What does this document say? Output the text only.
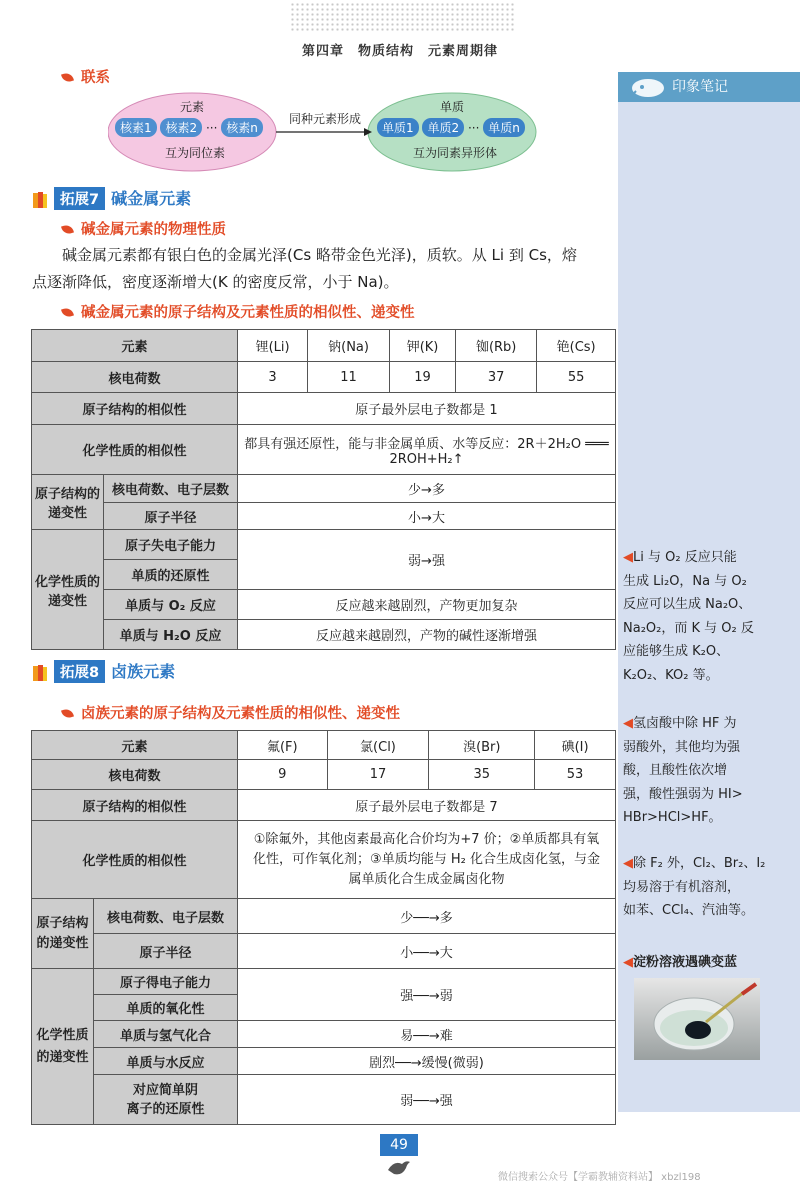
第四章　物质结构　元素周期律
印象笔记
联系
元素
核素1 核素2 ··· 核素n
互为同位素
同种元素形成
单质
单质1 单质2 ··· 单质n
互为同素异形体
拓展7 碱金属元素
碱金属元素的物理性质
碱金属元素都有银白色的金属光泽(Cs 略带金色光泽)，质软。从 Li 到 Cs，熔
点逐渐降低，密度逐渐增大(K 的密度反常，小于 Na)。
碱金属元素的原子结构及元素性质的相似性、递变性
元素		锂(Li)	钠(Na)	钾(K)	铷(Rb)	铯(Cs)
核电荷数		3	11	19	37	55
原子结构的相似性		原子最外层电子数都是 1				
化学性质的相似性		都具有强还原性，能与非金属单质、水等反应：2R＋2H₂O ═══
2ROH+H₂↑				

原子结构的递变性	核电荷数、电子层数	少→多				
	原子半径	小→大				
化学性质的递变性	原子失电子能力	弱→强				
	单质的还原性					
	单质与 O₂ 反应	反应越来越剧烈，产物更加复杂				
	单质与 H₂O 反应	反应越来越剧烈，产物的碱性逐渐增强				
拓展8 卤族元素
卤族元素的原子结构及元素性质的相似性、递变性
元素		氟(F)	氯(Cl)	溴(Br)	碘(I)
核电荷数		9	17	35	53
原子结构的相似性		原子最外层电子数都是 7			
化学性质的相似性		①除氟外，其他卤素最高化合价均为+7 价；②单质都具有氧
化性，可作氧化剂；③单质均能与 H₂ 化合生成卤化氢，与金
属单质化合生成金属卤化物			

原子结构的递变性	核电荷数、电子层数	少──→多			
	原子半径	小──→大			
化学性质的递变性	原子得电子能力	强──→弱			
	单质的氧化性				
	单质与氢气化合	易──→难			
	单质与水反应	剧烈──→缓慢(微弱)			

	对应简单阴
离子的还原性	弱──→强			
◀Li 与 O₂ 反应只能
生成 Li₂O，Na 与 O₂
反应可以生成 Na₂O、
Na₂O₂，而 K 与 O₂ 反
应能够生成 K₂O、
K₂O₂、KO₂ 等。
◀氢卤酸中除 HF 为
弱酸外，其他均为强
酸，且酸性依次增
强，酸性强弱为 HI>
HBr>HCl>HF。
◀除 F₂ 外，Cl₂、Br₂、I₂
均易溶于有机溶剂，
如苯、CCl₄、汽油等。
◀淀粉溶液遇碘变蓝
49
微信搜索公众号【学霸教辅资料站】 xbzl198
